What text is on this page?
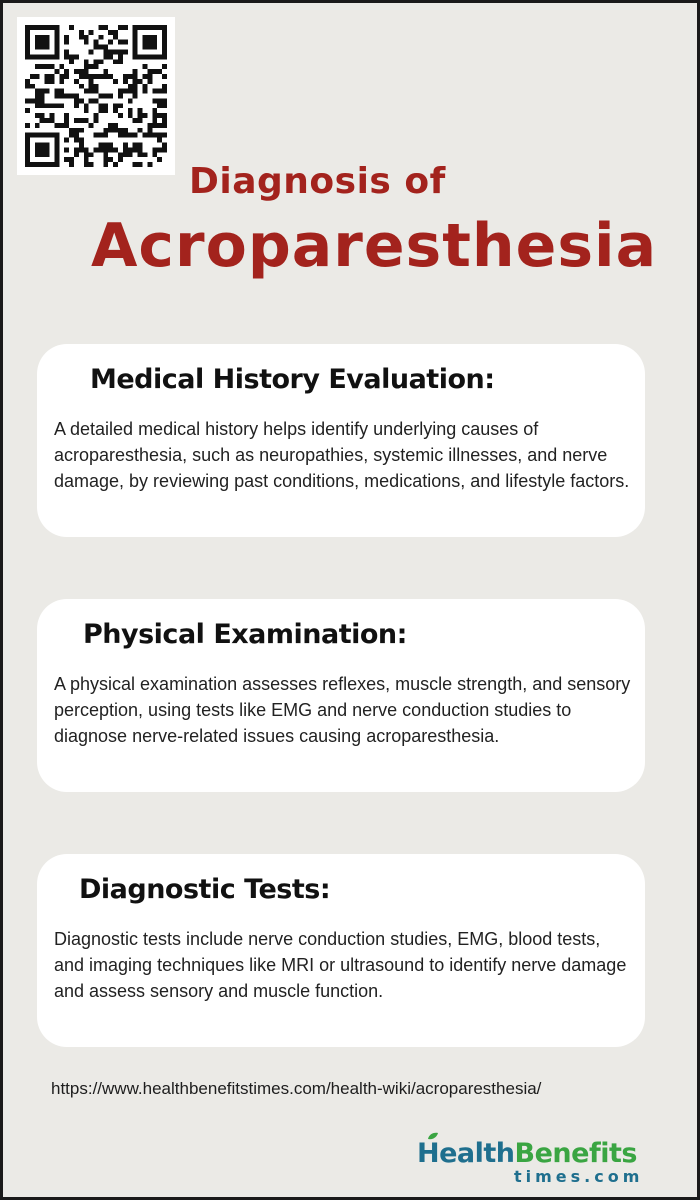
Diagnosis of
Acroparesthesia
Medical History Evaluation:

A detailed medical history helps identify underlying causes of acroparesthesia, such as neuropathies, systemic illnesses, and nerve damage, by reviewing past conditions, medications, and lifestyle factors.

Physical Examination:

A physical examination assesses reflexes, muscle strength, and sensory perception, using tests like EMG and nerve conduction studies to diagnose nerve-related issues causing acroparesthesia.

Diagnostic Tests:

Diagnostic tests include nerve conduction studies, EMG, blood tests, and imaging techniques like MRI or ultrasound to identify nerve damage and assess sensory and muscle function.

https://www.healthbenefitstimes.com/health-wiki/acroparesthesia/
HealthBenefits
times.com
